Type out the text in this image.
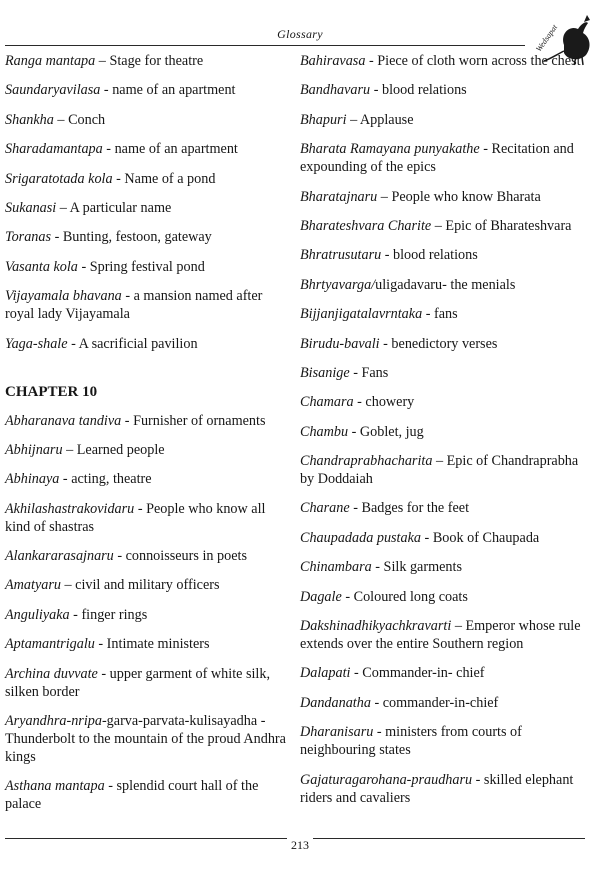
Glossary	Wedsapat
Ranga mantapa – Stage for theatre
Saundaryavilasa - name of an apartment
Shankha – Conch
Sharadamantapa - name of an apartment
Srigaratotada kola - Name of a pond
Sukanasi – A particular name
Toranas - Bunting, festoon, gateway
Vasanta kola - Spring festival pond
Vijayamala bhavana - a mansion named after royal lady Vijayamala
Yaga-shale - A sacrificial pavilion
CHAPTER 10
Abharanava tandiva - Furnisher of ornaments
Abhijnaru – Learned people
Abhinaya - acting, theatre
Akhilashastrakovidaru - People who know all kind of shastras
Alankararasajnaru - connoisseurs in poets
Amatyaru – civil and military officers
Anguliyaka - finger rings
Aptamantrigalu - Intimate ministers
Archina duvvate - upper garment of white silk, silken border
Aryandhra-nripa-garva-parvata-kulisayadha - Thunderbolt to the mountain of the proud Andhra kings
Asthana mantapa - splendid court hall of the palace
Bahiravasa - Piece of cloth worn across the chest
Bandhavaru - blood relations
Bhapuri – Applause
Bharata Ramayana punyakathe - Recitation and expounding of the epics
Bharatajnaru – People who know Bharata
Bharateshvara Charite – Epic of Bharateshvara
Bhratrusutaru - blood relations
Bhrtyavarga/uligadavaru- the menials
Bijjanjigatalavrntaka - fans
Birudu-bavali - benedictory verses
Bisanige - Fans
Chamara - chowery
Chambu - Goblet, jug
Chandraprabhacharita – Epic of Chandraprabha by Doddaiah
Charane - Badges for the feet
Chaupadada pustaka - Book of Chaupada
Chinambara - Silk garments
Dagale - Coloured long coats
Dakshinadhikyachkravarti – Emperor whose rule extends over the entire Southern region
Dalapati - Commander-in- chief
Dandanatha - commander-in-chief
Dharanisaru - ministers from courts of neighbouring states
Gajaturagarohana-praudharu - skilled elephant riders and cavaliers
213
